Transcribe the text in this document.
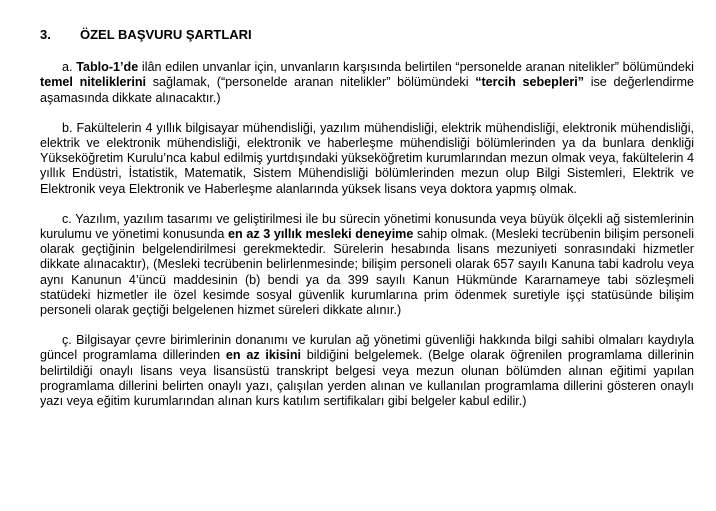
3.	ÖZEL BAŞVURU ŞARTLARI
a. Tablo-1’de ilân edilen unvanlar için, unvanların karşısında belirtilen “personelde aranan nitelikler” bölümündeki temel niteliklerini sağlamak, (“personelde aranan nitelikler” bölümündeki “tercih sebepleri” ise değerlendirme aşamasında dikkate alınacaktır.)
b. Fakültelerin 4 yıllık bilgisayar mühendisliği, yazılım mühendisliği, elektrik mühendisliği, elektronik mühendisliği, elektrik ve elektronik mühendisliği, elektronik ve haberleşme mühendisliği bölümlerinden ya da bunlara denkliği Yükseköğretim Kurulu’nca kabul edilmiş yurtdışındaki yükseköğretim kurumlarından mezun olmak veya, fakültelerin 4 yıllık Endüstri, İstatistik, Matematik, Sistem Mühendisliği bölümlerinden mezun olup Bilgi Sistemleri, Elektrik ve Elektronik veya Elektronik ve Haberleşme alanlarında yüksek lisans veya doktora yapmış olmak.
c. Yazılım, yazılım tasarımı ve geliştirilmesi ile bu sürecin yönetimi konusunda veya büyük ölçekli ağ sistemlerinin kurulumu ve yönetimi konusunda en az 3 yıllık mesleki deneyime sahip olmak. (Mesleki tecrübenin bilişim personeli olarak geçtiğinin belgelendirilmesi gerekmektedir. Sürelerin hesabında lisans mezuniyeti sonrasındaki hizmetler dikkate alınacaktır), (Mesleki tecrübenin belirlenmesinde; bilişim personeli olarak 657 sayılı Kanuna tabi kadrolu veya aynı Kanunun 4’üncü maddesinin (b) bendi ya da 399 sayılı Kanun Hükmünde Kararnameye tabi sözleşmeli statüdeki hizmetler ile özel kesimde sosyal güvenlik kurumlarına prim ödenmek suretiyle işçi statüsünde bilişim personeli olarak geçtiği belgelenen hizmet süreleri dikkate alınır.)
ç. Bilgisayar çevre birimlerinin donanımı ve kurulan ağ yönetimi güvenliği hakkında bilgi sahibi olmaları kaydıyla güncel programlama dillerinden en az ikisini bildiğini belgelemek. (Belge olarak öğrenilen programlama dillerinin belirtildiği onaylı lisans veya lisansüstü transkript belgesi veya mezun olunan bölümden alınan eğitimi yapılan programlama dillerini belirten onaylı yazı, çalışılan yerden alınan ve kullanılan programlama dillerini gösteren onaylı yazı veya eğitim kurumlarından alınan kurs katılım sertifikaları gibi belgeler kabul edilir.)
